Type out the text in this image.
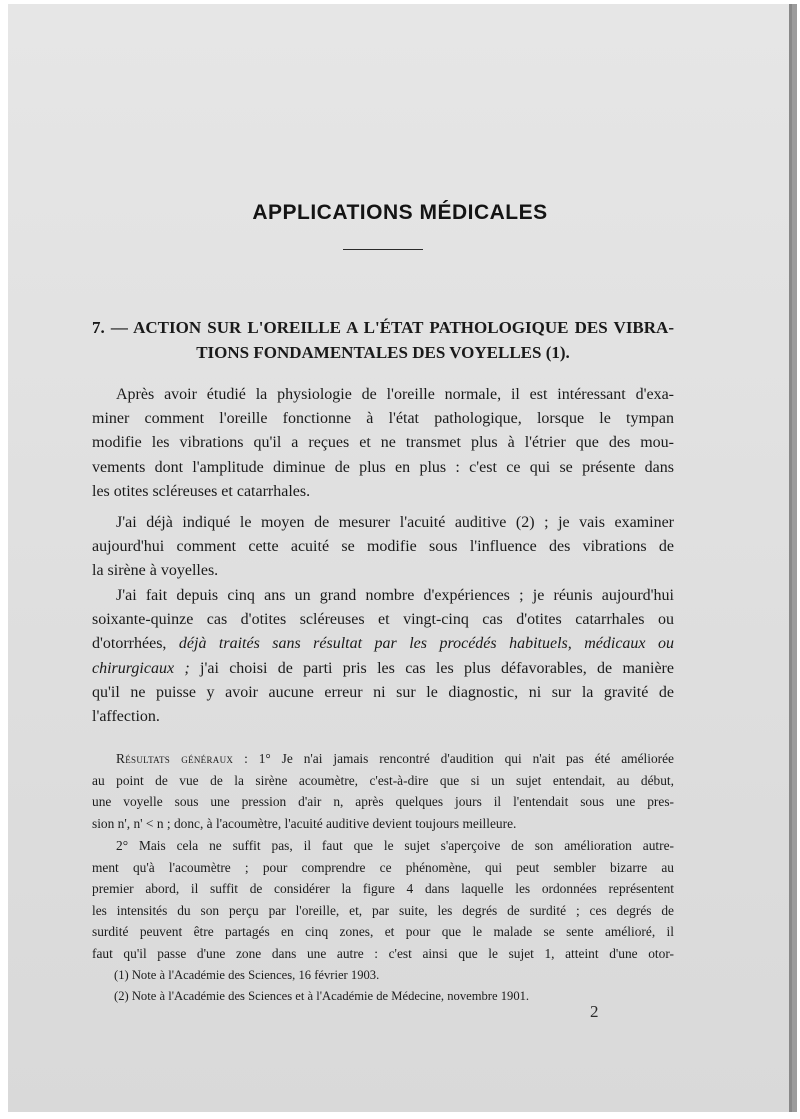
APPLICATIONS MÉDICALES
7. — ACTION SUR L'OREILLE A L'ÉTAT PATHOLOGIQUE DES VIBRA-
TIONS FONDAMENTALES DES VOYELLES (1).
Après avoir étudié la physiologie de l'oreille normale, il est intéressant d'exa-
miner comment l'oreille fonctionne à l'état pathologique, lorsque le tympan
modifie les vibrations qu'il a reçues et ne transmet plus à l'étrier que des mou-
vements dont l'amplitude diminue de plus en plus : c'est ce qui se présente dans
les otites scléreuses et catarrhales.
J'ai déjà indiqué le moyen de mesurer l'acuité auditive (2) ; je vais examiner
aujourd'hui comment cette acuité se modifie sous l'influence des vibrations de
la sirène à voyelles.
J'ai fait depuis cinq ans un grand nombre d'expériences ; je réunis aujourd'hui
soixante-quinze cas d'otites scléreuses et vingt-cinq cas d'otites catarrhales ou
d'otorrhées, déjà traités sans résultat par les procédés habituels, médicaux ou
chirurgicaux ; j'ai choisi de parti pris les cas les plus défavorables, de manière
qu'il ne puisse y avoir aucune erreur ni sur le diagnostic, ni sur la gravité de
l'affection.
Résultats généraux : 1° Je n'ai jamais rencontré d'audition qui n'ait pas été améliorée
au point de vue de la sirène acoumètre, c'est-à-dire que si un sujet entendait, au début,
une voyelle sous une pression d'air n, après quelques jours il l'entendait sous une pres-
sion n', n' < n ; donc, à l'acoumètre, l'acuité auditive devient toujours meilleure.
2° Mais cela ne suffit pas, il faut que le sujet s'aperçoive de son amélioration autre-
ment qu'à l'acoumètre ; pour comprendre ce phénomène, qui peut sembler bizarre au
premier abord, il suffit de considérer la figure 4 dans laquelle les ordonnées représentent
les intensités du son perçu par l'oreille, et, par suite, les degrés de surdité ; ces degrés de
surdité peuvent être partagés en cinq zones, et pour que le malade se sente amélioré, il
faut qu'il passe d'une zone dans une autre : c'est ainsi que le sujet 1, atteint d'une otor-
(1) Note à l'Académie des Sciences, 16 février 1903.
(2) Note à l'Académie des Sciences et à l'Académie de Médecine, novembre 1901.
2
